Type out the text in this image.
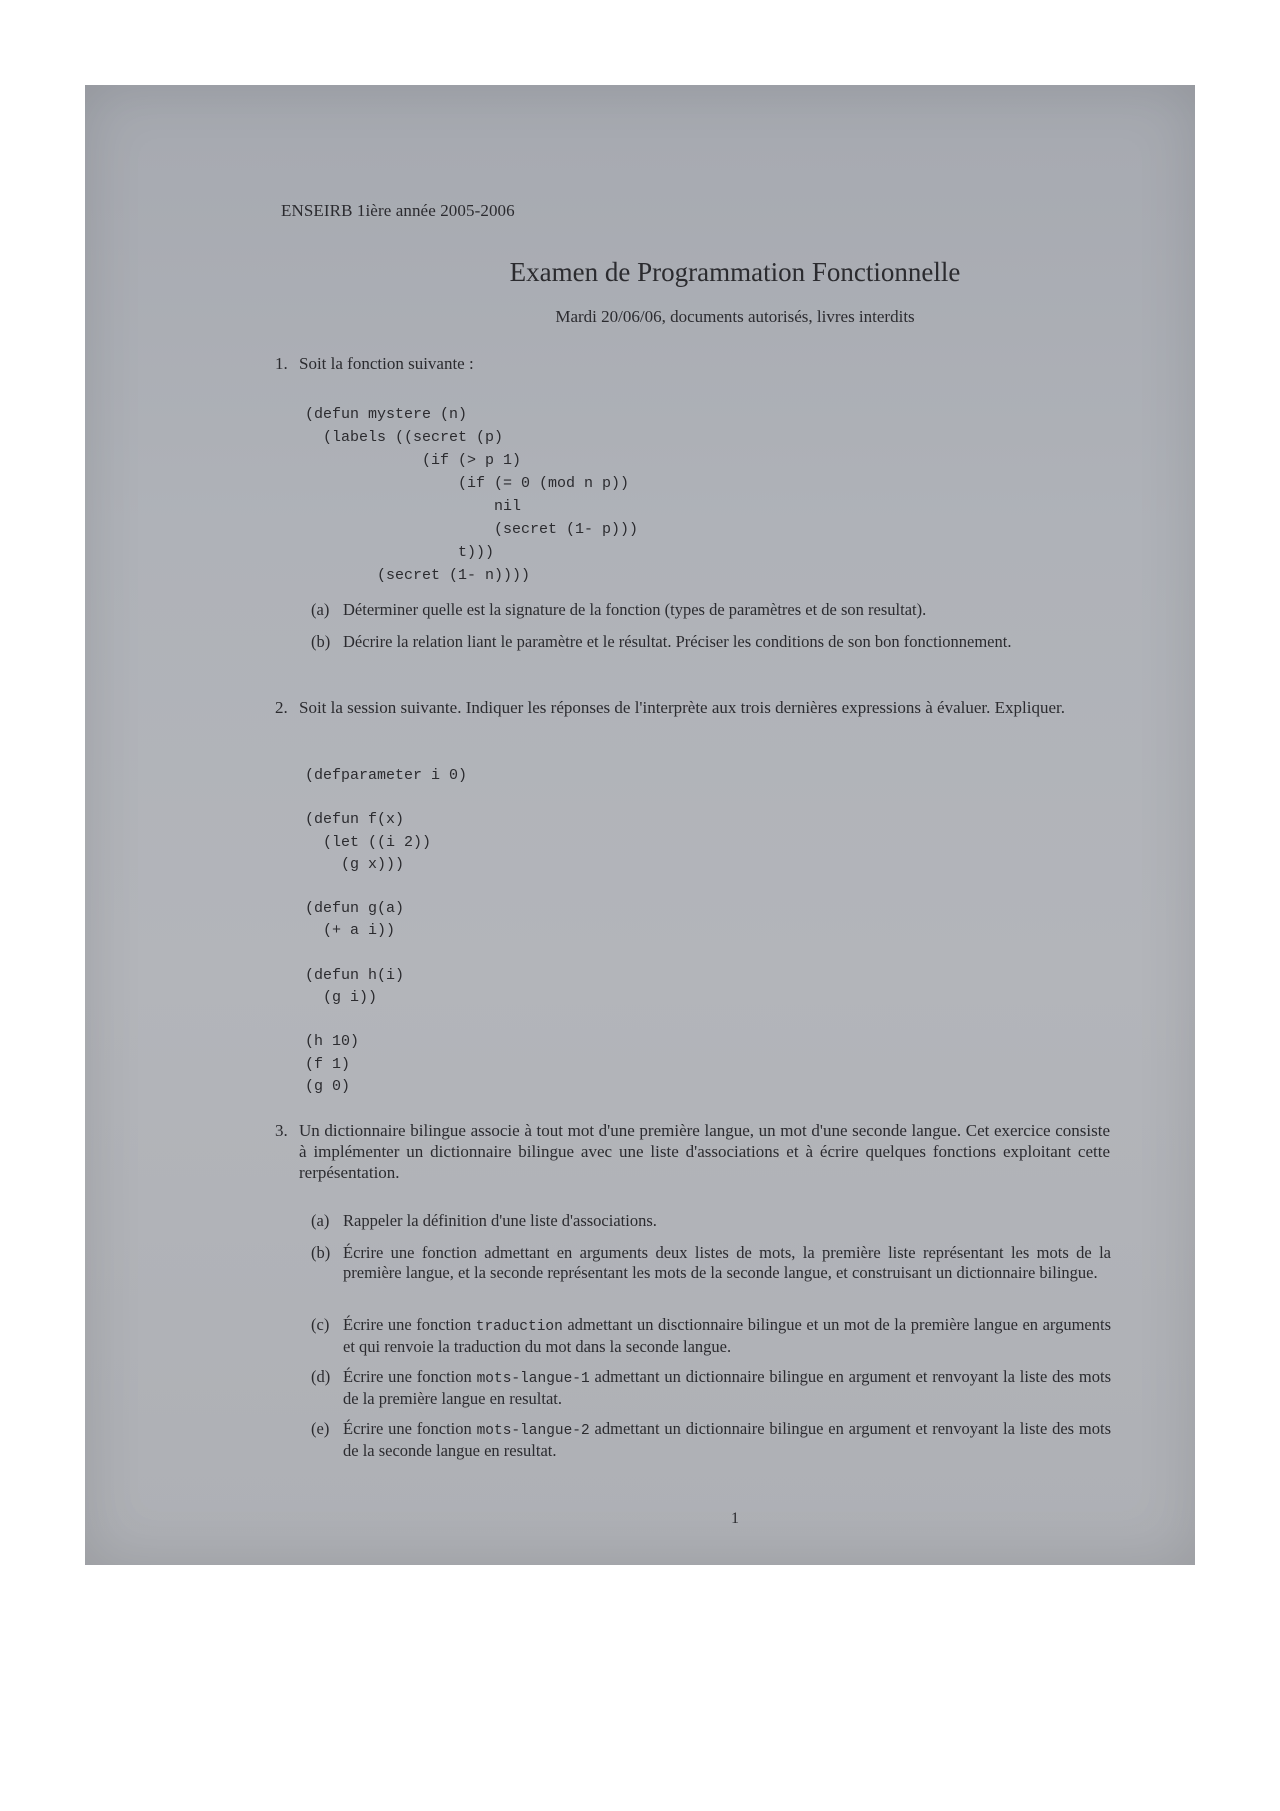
ENSEIRB 1ière année 2005-2006
Examen de Programmation Fonctionnelle
Mardi 20/06/06, documents autorisés, livres interdits
1. Soit la fonction suivante :
(defun mystere (n)
(labels ((secret (p)
(if (> p 1)
(if (= 0 (mod n p))
nil
(secret (1- p)))
t)))
(secret (1- n))))
(a) Déterminer quelle est la signature de la fonction (types de paramètres et de son resultat).
(b) Décrire la relation liant le paramètre et le résultat. Préciser les conditions de son bon fonctionnement.
2. Soit la session suivante. Indiquer les réponses de l'interprète aux trois dernières expressions à évaluer. Expliquer.
(defparameter i 0)

(defun f(x)
(let ((i 2))
(g x)))

(defun g(a)
(+ a i))

(defun h(i)
(g i))

(h 10)
(f 1)
(g 0)
3. Un dictionnaire bilingue associe à tout mot d'une première langue, un mot d'une seconde langue. Cet exercice consiste à implémenter un dictionnaire bilingue avec une liste d'associations et à écrire quelques fonctions exploitant cette rerpésentation.
(a) Rappeler la définition d'une liste d'associations.
(b) Écrire une fonction admettant en arguments deux listes de mots, la première liste représentant les mots de la première langue, et la seconde représentant les mots de la seconde langue, et construisant un dictionnaire bilingue.
(c) Écrire une fonction traduction admettant un disctionnaire bilingue et un mot de la première langue en arguments et qui renvoie la traduction du mot dans la seconde langue.
(d) Écrire une fonction mots-langue-1 admettant un dictionnaire bilingue en argument et renvoyant la liste des mots de la première langue en resultat.
(e) Écrire une fonction mots-langue-2 admettant un dictionnaire bilingue en argument et renvoyant la liste des mots de la seconde langue en resultat.
1
